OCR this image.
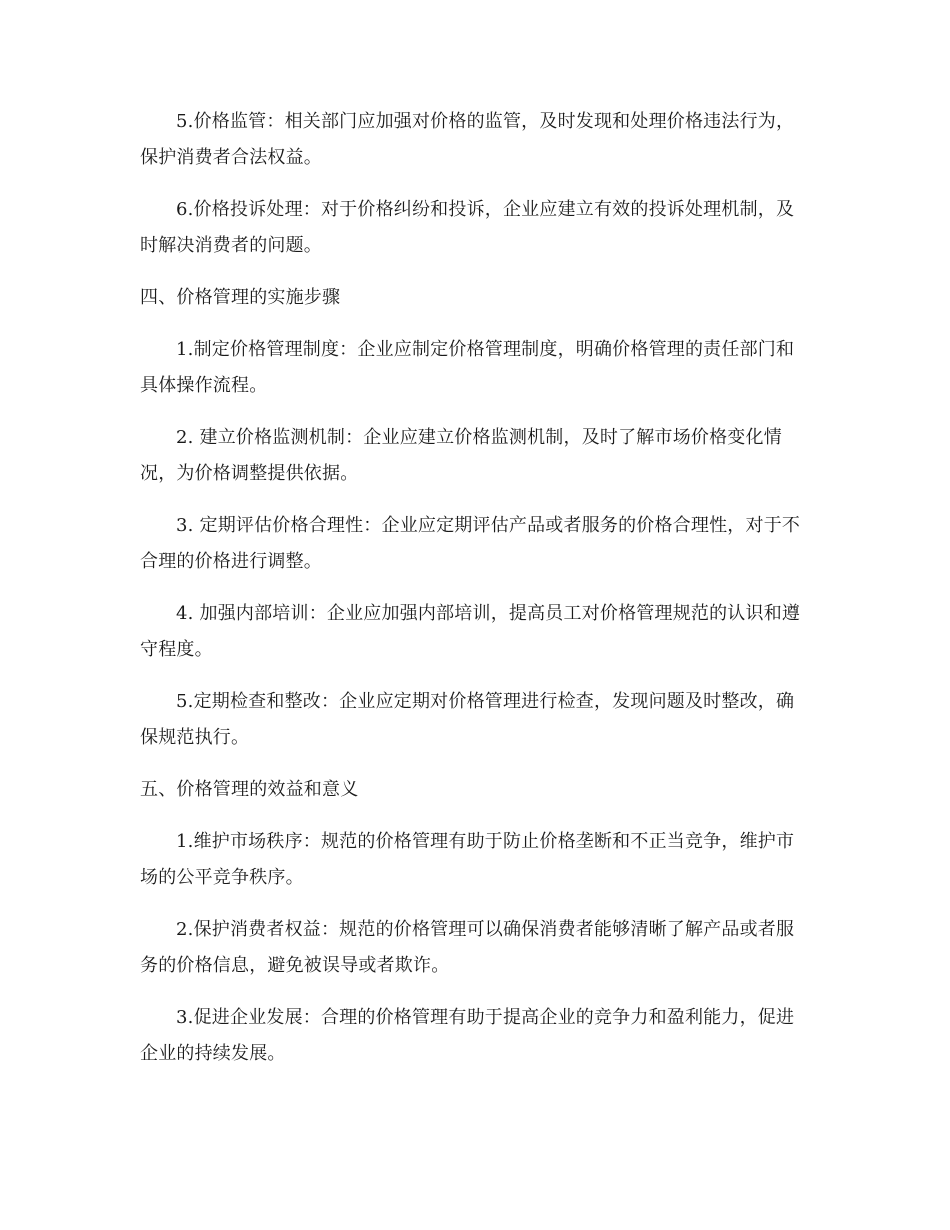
5.价格监管：相关部门应加强对价格的监管，及时发现和处理价格违法行为，保护消费者合法权益。

6.价格投诉处理：对于价格纠纷和投诉，企业应建立有效的投诉处理机制，及时解决消费者的问题。

四、价格管理的实施步骤

1.制定价格管理制度：企业应制定价格管理制度，明确价格管理的责任部门和具体操作流程。

2. 建立价格监测机制：企业应建立价格监测机制，及时了解市场价格变化情况，为价格调整提供依据。

3. 定期评估价格合理性：企业应定期评估产品或者服务的价格合理性，对于不合理的价格进行调整。

4. 加强内部培训：企业应加强内部培训，提高员工对价格管理规范的认识和遵守程度。

5.定期检查和整改：企业应定期对价格管理进行检查，发现问题及时整改，确保规范执行。

五、价格管理的效益和意义

1.维护市场秩序：规范的价格管理有助于防止价格垄断和不正当竞争，维护市场的公平竞争秩序。

2.保护消费者权益：规范的价格管理可以确保消费者能够清晰了解产品或者服务的价格信息，避免被误导或者欺诈。

3.促进企业发展：合理的价格管理有助于提高企业的竞争力和盈利能力，促进企业的持续发展。
